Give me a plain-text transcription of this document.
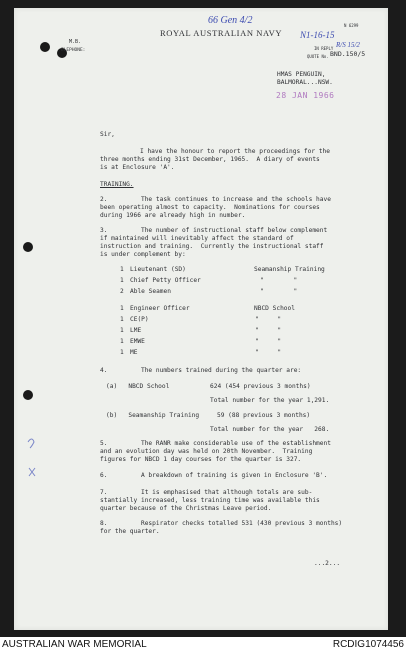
M.B.
ELEPHONE:
ROYAL AUSTRALIAN NAVY
66 Gen 4/2	N 6299
N1-16-15
R/S 15/2
IN REPLY
QUOTE No. BND.150/5
HMAS PENGUIN,
BALMORAL...NSW.
28 JAN 1966
Sir,
I have the honour to report the proceedings for the
three months ending 31st December, 1965.  A diary of events
is at Enclosure 'A'.
TRAINING.
2.         The task continues to increase and the schools have
been operating almost to capacity.  Nominations for courses
during 1966 are already high in number.
3.         The number of instructional staff below complement
if maintained will inevitably affect the standard of
instruction and training.  Currently the instructional staff
is under complement by:
1 Lieutenant (SD)	Seamanship Training
1 Chief Petty Officer	"        "
2 Able Seamen	"        "
1 Engineer Officer	NBCD School
1 CE(P)	"     "
1 LME	"     "
1 EMWE	"     "
1 ME	"     "
4.         The numbers trained during the quarter are:
(a)   NBCD School	624 (454 previous 3 months)
Total number for the year 1,291.
(b)   Seamanship Training	59 (88 previous 3 months)
Total number for the year   268.
5.         The RANR make considerable use of the establishment
and an evolution day was held on 20th November.  Training
figures for NBCD 1 day courses for the quarter is 327.
6.         A breakdown of training is given in Enclosure 'B'.
7.         It is emphasised that although totals are sub-
stantially increased, less training time was available this
quarter because of the Christmas Leave period.
8.         Respirator checks totalled 531 (430 previous 3 months)
for the quarter.
...2...
AUSTRALIAN WAR MEMORIAL	RCDIG1074456
